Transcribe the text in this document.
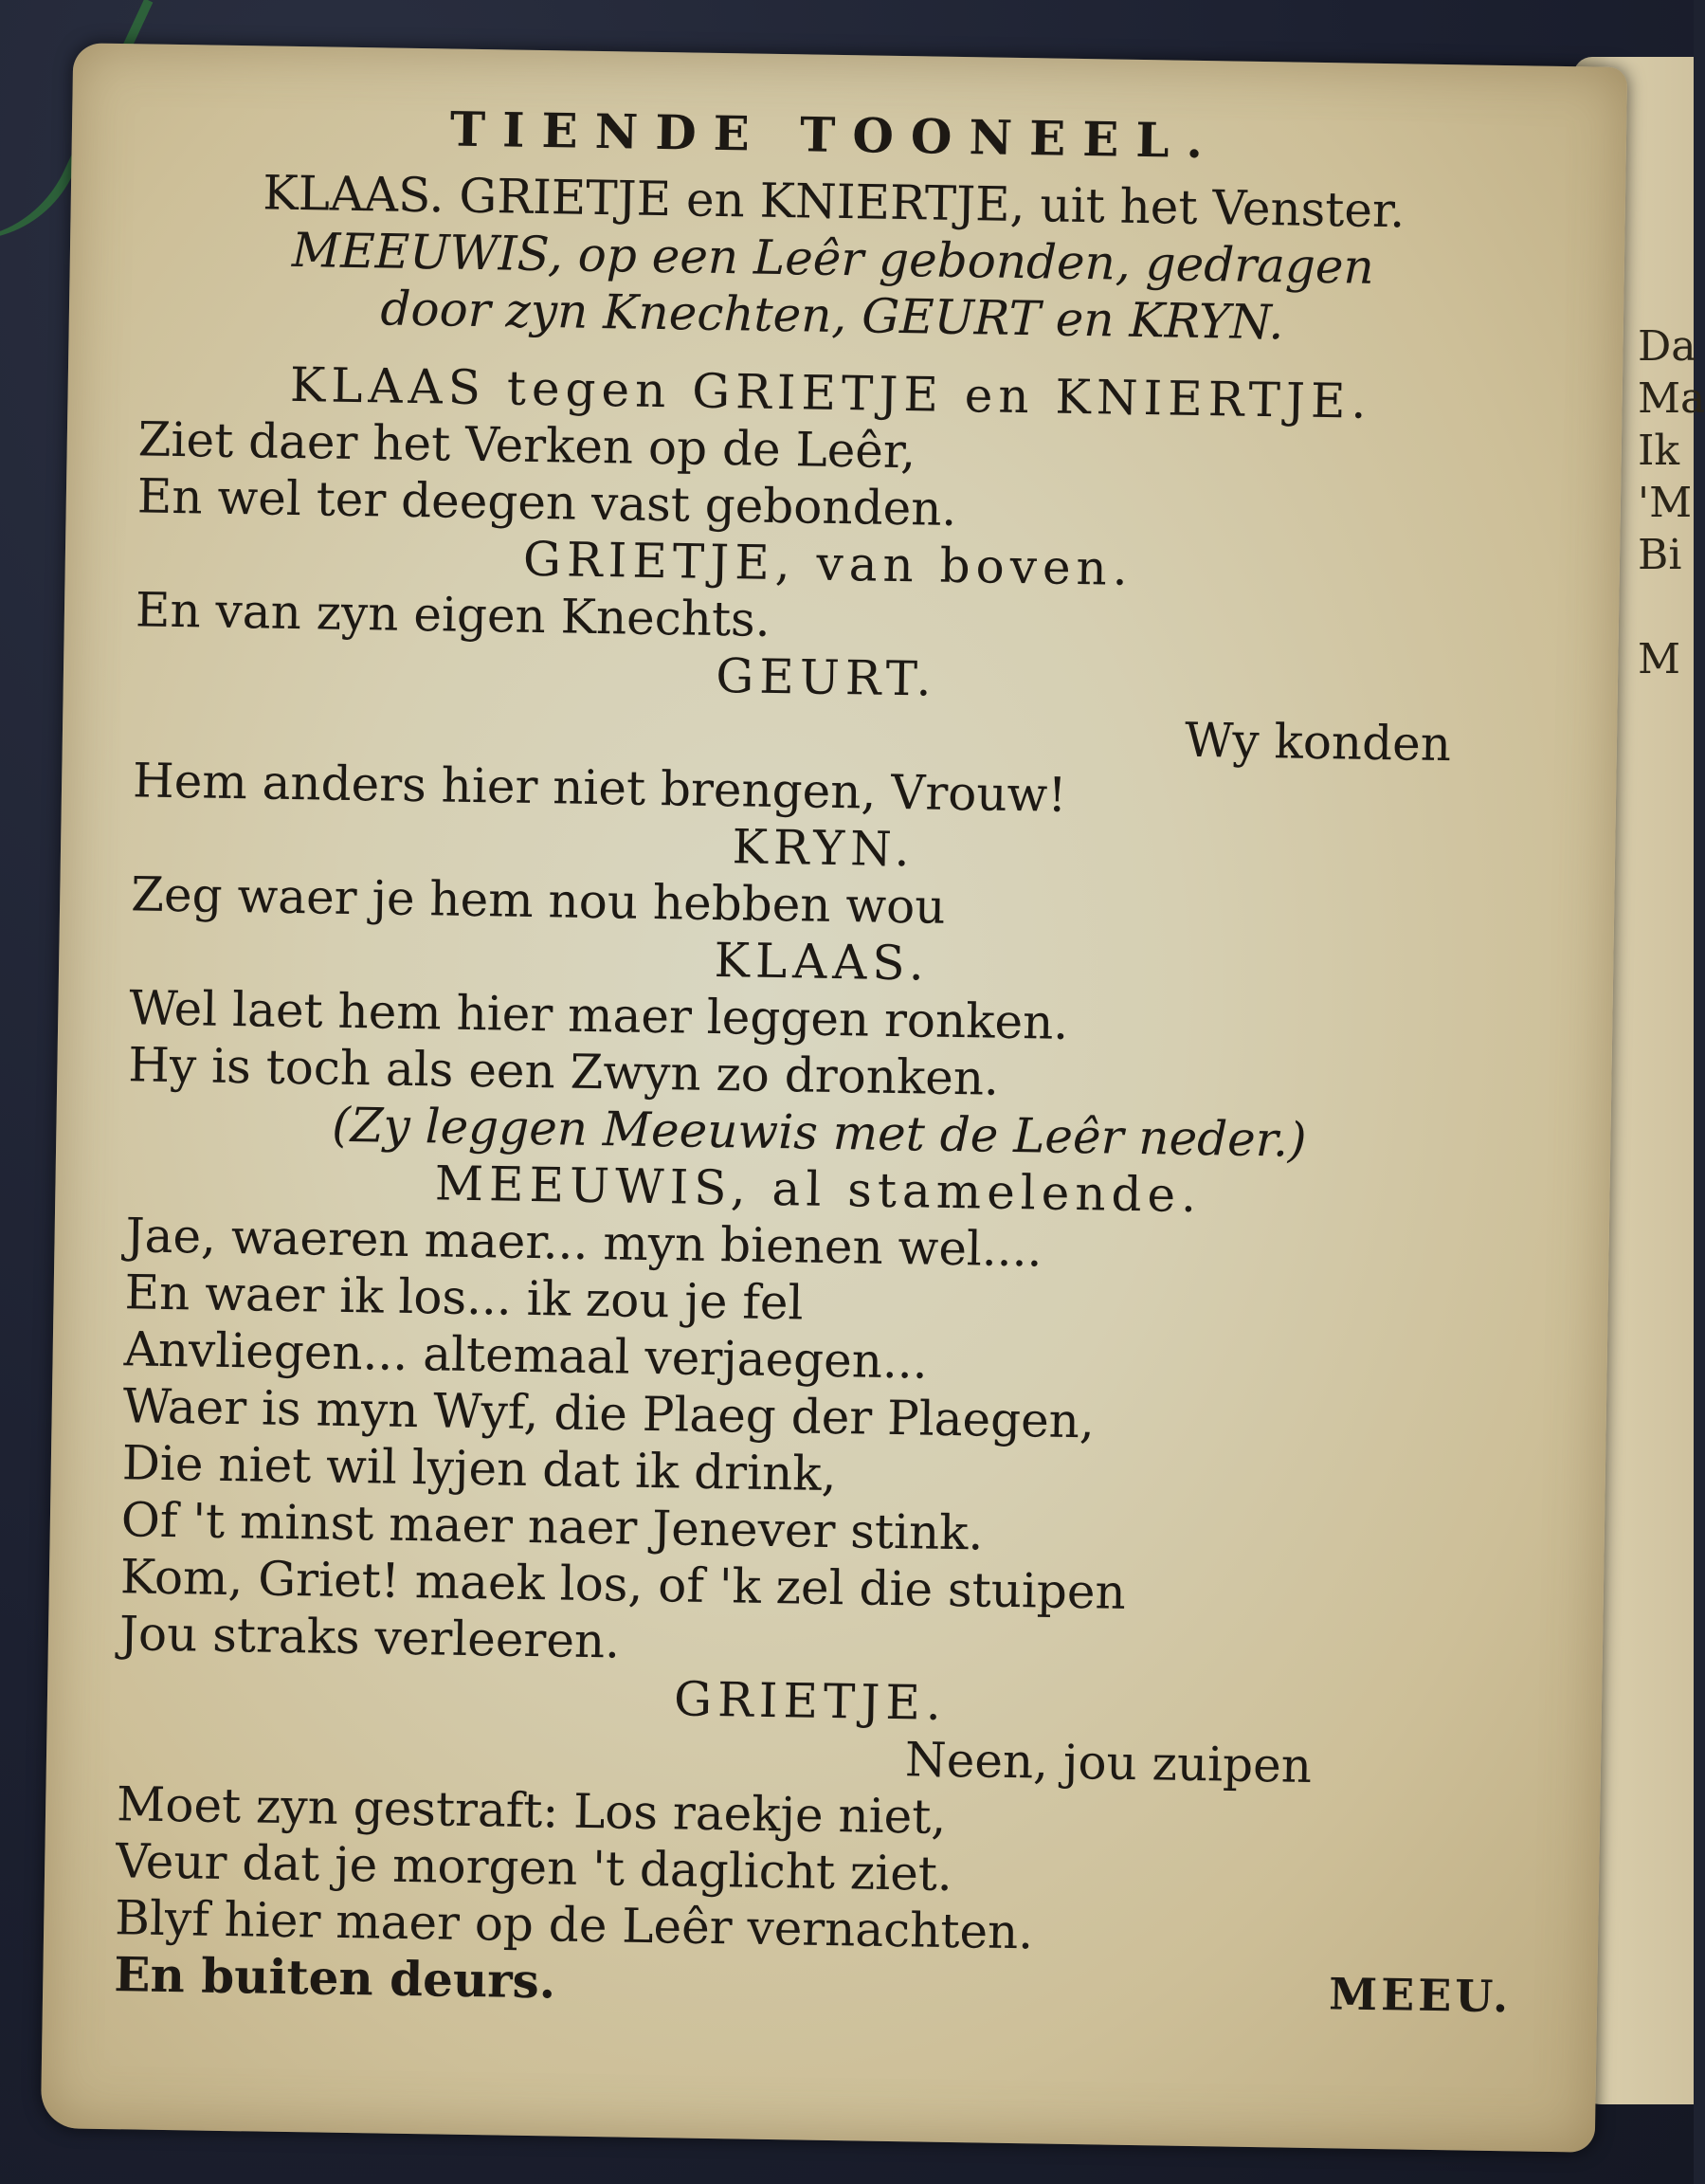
Da
Ma
Ik
'M
Bi
M
TIENDE TOONEEL.
KLAAS. GRIETJE en KNIERTJE, uit het Venster.
MEEUWIS, op een Leêr gebonden, gedragen
door zyn Knechten, GEURT en KRYN.
KLAAS tegen GRIETJE en KNIERTJE.
Ziet daer het Verken op de Leêr,
En wel ter deegen vast gebonden.
GRIETJE, van boven.
En van zyn eigen Knechts.
GEURT.
Wy konden
Hem anders hier niet brengen, Vrouw!
KRYN.
Zeg waer je hem nou hebben wou
KLAAS.
Wel laet hem hier maer leggen ronken.
Hy is toch als een Zwyn zo dronken.
(Zy leggen Meeuwis met de Leêr neder.)
MEEUWIS, al stamelende.
Jae, waeren maer... myn bienen wel....
En waer ik los... ik zou je fel
Anvliegen... altemaal verjaegen...
Waer is myn Wyf, die Plaeg der Plaegen,
Die niet wil lyjen dat ik drink,
Of 't minst maer naer Jenever stink.
Kom, Griet! maek los, of 'k zel die stuipen
Jou straks verleeren.
GRIETJE.
Neen, jou zuipen
Moet zyn gestraft: Los raekje niet,
Veur dat je morgen 't daglicht ziet.
Blyf hier maer op de Leêr vernachten.
En buiten deurs.	MEEU.
